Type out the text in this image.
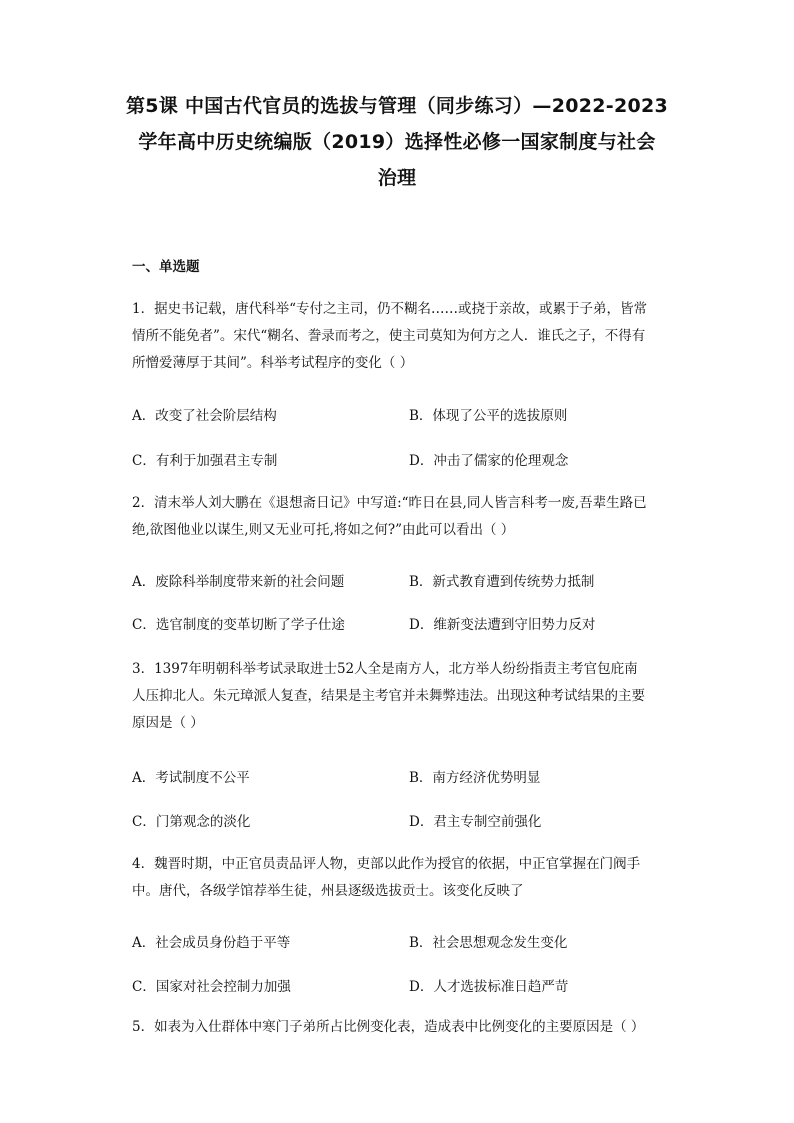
第5课 中国古代官员的选拔与管理（同步练习）—2022-2023
学年高中历史统编版（2019）选择性必修一国家制度与社会
治理
一、单选题
1．据史书记载，唐代科举“专付之主司，仍不糊名……或挠于亲故，或累于子弟，皆常
情所不能免者”。宋代“糊名、誊录而考之，使主司莫知为何方之人．谁氏之子，不得有
所憎爱薄厚于其间”。科举考试程序的变化（ ）
A．改变了社会阶层结构	B．体现了公平的选拔原则
C．有利于加强君主专制	D．冲击了儒家的伦理观念
2．清末举人刘大鹏在《退想斋日记》中写道:“昨日在县,同人皆言科考一废,吾辈生路已
绝,欲图他业以谋生,则又无业可托,将如之何?”由此可以看出（ ）
A．废除科举制度带来新的社会问题	B．新式教育遭到传统势力抵制
C．选官制度的变革切断了学子仕途	D．维新变法遭到守旧势力反对
3．1397年明朝科举考试录取进士52人全是南方人，北方举人纷纷指责主考官包庇南
人压抑北人。朱元璋派人复查，结果是主考官并未舞弊违法。出现这种考试结果的主要
原因是（ ）
A．考试制度不公平	B．南方经济优势明显
C．门第观念的淡化	D．君主专制空前强化
4．魏晋时期，中正官员责品评人物，吏部以此作为授官的依据，中正官掌握在门阀手
中。唐代，各级学馆荐举生徒，州县逐级选拔贡士。该变化反映了
A．社会成员身份趋于平等	B．社会思想观念发生变化
C．国家对社会控制力加强	D．人才选拔标准日趋严苛
5．如表为入仕群体中寒门子弟所占比例变化表，造成表中比例变化的主要原因是（ ）
